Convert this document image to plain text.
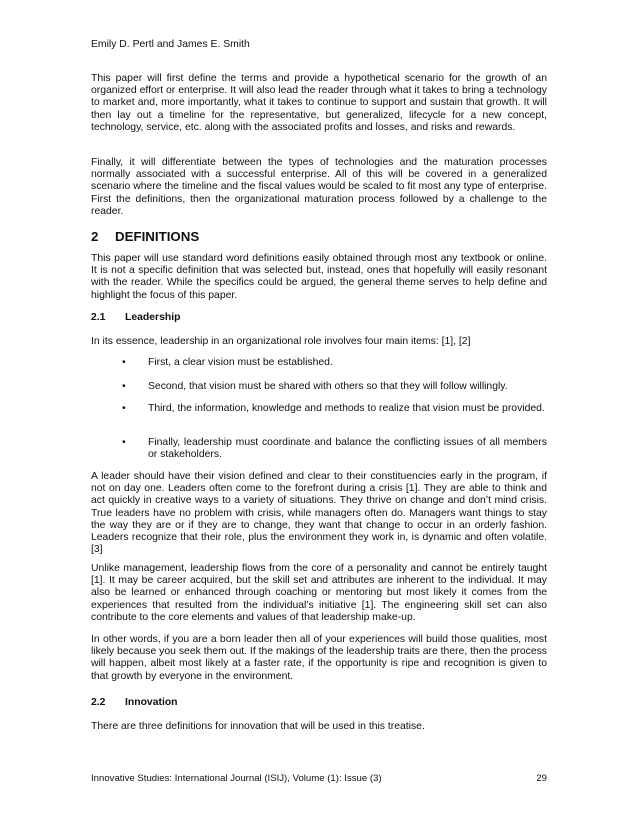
Emily D. Pertl and James E. Smith

This paper will first define the terms and provide a hypothetical scenario for the growth of an organized effort or enterprise. It will also lead the reader through what it takes to bring a technology to market and, more importantly, what it takes to continue to support and sustain that growth. It will then lay out a timeline for the representative, but generalized, lifecycle for a new concept, technology, service, etc. along with the associated profits and losses, and risks and rewards.

Finally, it will differentiate between the types of technologies and the maturation processes normally associated with a successful enterprise. All of this will be covered in a generalized scenario where the timeline and the fiscal values would be scaled to fit most any type of enterprise. First the definitions, then the organizational maturation process followed by a challenge to the reader.

2 DEFINITIONS

This paper will use standard word definitions easily obtained through most any textbook or online. It is not a specific definition that was selected but, instead, ones that hopefully will easily resonant with the reader. While the specifics could be argued, the general theme serves to help define and highlight the focus of this paper.

2.1 Leadership

In its essence, leadership in an organizational role involves four main items: [1], [2]

•	First, a clear vision must be established.
•	Second, that vision must be shared with others so that they will follow willingly.
•	Third, the information, knowledge and methods to realize that vision must be provided.
•	Finally, leadership must coordinate and balance the conflicting issues of all members or stakeholders.

A leader should have their vision defined and clear to their constituencies early in the program, if not on day one. Leaders often come to the forefront during a crisis [1]. They are able to think and act quickly in creative ways to a variety of situations. They thrive on change and don’t mind crisis. True leaders have no problem with crisis, while managers often do. Managers want things to stay the way they are or if they are to change, they want that change to occur in an orderly fashion. Leaders recognize that their role, plus the environment they work in, is dynamic and often volatile. [3]

Unlike management, leadership flows from the core of a personality and cannot be entirely taught [1]. It may be career acquired, but the skill set and attributes are inherent to the individual. It may also be learned or enhanced through coaching or mentoring but most likely it comes from the experiences that resulted from the individual’s initiative [1]. The engineering skill set can also contribute to the core elements and values of that leadership make-up.

In other words, if you are a born leader then all of your experiences will build those qualities, most likely because you seek them out. If the makings of the leadership traits are there, then the process will happen, albeit most likely at a faster rate, if the opportunity is ripe and recognition is given to that growth by everyone in the environment.

2.2 Innovation

There are three definitions for innovation that will be used in this treatise.

Innovative Studies: International Journal (ISIJ), Volume (1): Issue (3)	29
